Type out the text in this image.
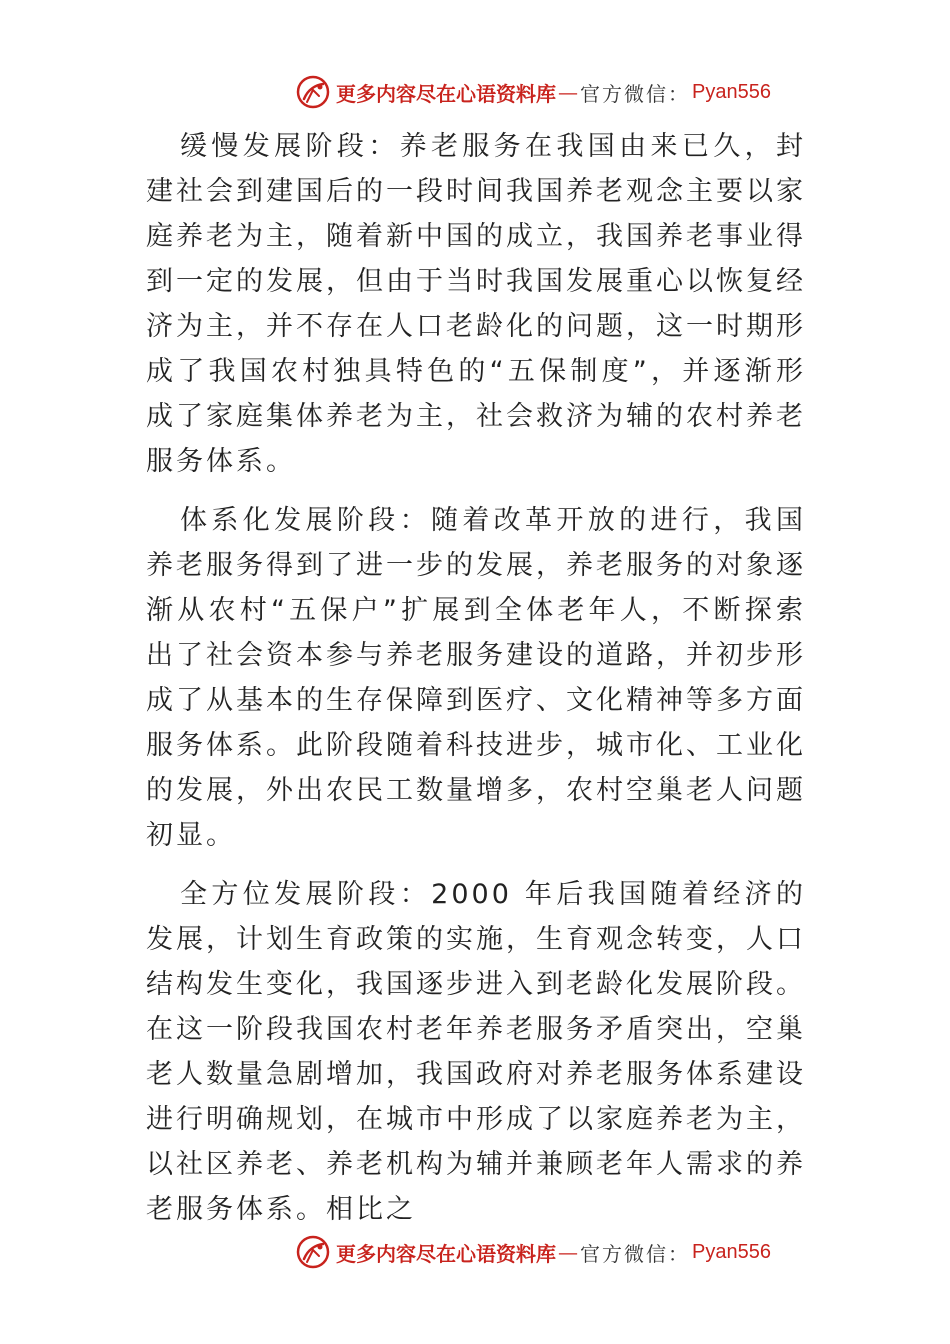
更多内容尽在心语资料库 — 官方微信： Pyan556

缓慢发展阶段：养老服务在我国由来已久，封建社会到建国后的一段时间我国养老观念主要以家庭养老为主，随着新中国的成立，我国养老事业得到一定的发展，但由于当时我国发展重心以恢复经济为主，并不存在人口老龄化的问题，这一时期形成了我国农村独具特色的“五保制度”，并逐渐形成了家庭集体养老为主，社会救济为辅的农村养老服务体系。

体系化发展阶段：随着改革开放的进行，我国养老服务得到了进一步的发展，养老服务的对象逐渐从农村“五保户”扩展到全体老年人，不断探索出了社会资本参与养老服务建设的道路，并初步形成了从基本的生存保障到医疗、文化精神等多方面服务体系。此阶段随着科技进步，城市化、工业化的发展，外出农民工数量增多，农村空巢老人问题初显。

全方位发展阶段：2000 年后我国随着经济的发展，计划生育政策的实施，生育观念转变，人口结构发生变化，我国逐步进入到老龄化发展阶段。在这一阶段我国农村老年养老服务矛盾突出，空巢老人数量急剧增加，我国政府对养老服务体系建设进行明确规划，在城市中形成了以家庭养老为主，以社区养老、养老机构为辅并兼顾老年人需求的养老服务体系。相比之

更多内容尽在心语资料库 — 官方微信： Pyan556
